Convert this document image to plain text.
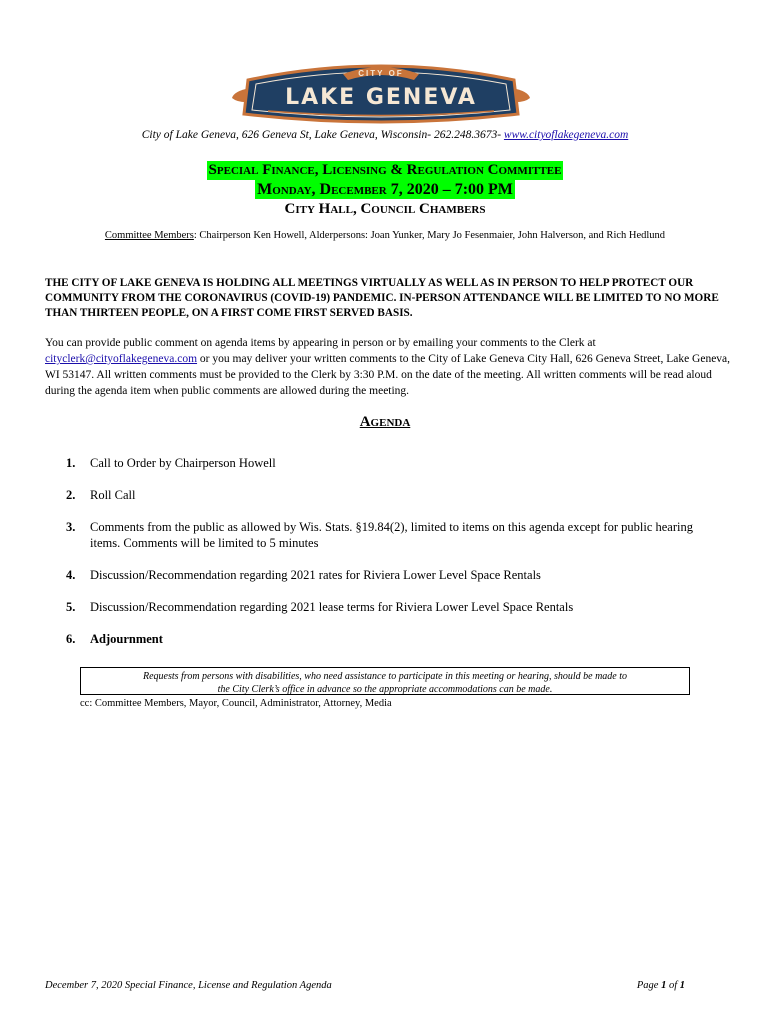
CITY OF
LAKE GENEVA
City of Lake Geneva, 626 Geneva St, Lake Geneva, Wisconsin- 262.248.3673- www.cityoflakegeneva.com
Special Finance, Licensing & Regulation Committee
Monday, December 7, 2020 – 7:00 PM
City Hall, Council Chambers
Committee Members: Chairperson Ken Howell, Alderpersons: Joan Yunker, Mary Jo Fesenmaier, John Halverson, and Rich Hedlund
THE CITY OF LAKE GENEVA IS HOLDING ALL MEETINGS VIRTUALLY AS WELL AS IN PERSON TO HELP PROTECT OUR COMMUNITY FROM THE CORONAVIRUS (COVID-19) PANDEMIC. IN-PERSON ATTENDANCE WILL BE LIMITED TO NO MORE THAN THIRTEEN PEOPLE, ON A FIRST COME FIRST SERVED BASIS.
You can provide public comment on agenda items by appearing in person or by emailing your comments to the Clerk at cityclerk@cityoflakegeneva.com or you may deliver your written comments to the City of Lake Geneva City Hall, 626 Geneva Street, Lake Geneva, WI 53147. All written comments must be provided to the Clerk by 3:30 P.M. on the date of the meeting. All written comments will be read aloud during the agenda item when public comments are allowed during the meeting.
Agenda
1. Call to Order by Chairperson Howell
2. Roll Call
3. Comments from the public as allowed by Wis. Stats. §19.84(2), limited to items on this agenda except for public hearing items. Comments will be limited to 5 minutes
4. Discussion/Recommendation regarding 2021 rates for Riviera Lower Level Space Rentals
5. Discussion/Recommendation regarding 2021 lease terms for Riviera Lower Level Space Rentals
6. Adjournment
Requests from persons with disabilities, who need assistance to participate in this meeting or hearing, should be made to
the City Clerk’s office in advance so the appropriate accommodations can be made.
cc: Committee Members, Mayor, Council, Administrator, Attorney, Media
December 7, 2020 Special Finance, License and Regulation Agenda	Page 1 of 1
